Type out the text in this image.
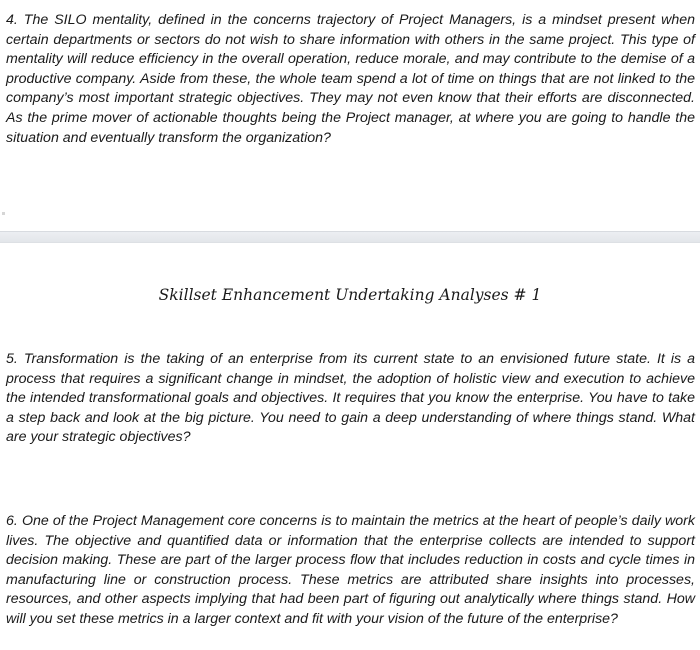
4. The SILO mentality, defined in the concerns trajectory of Project Managers, is a mindset present when certain departments or sectors do not wish to share information with others in the same project. This type of mentality will reduce efficiency in the overall operation, reduce morale, and may contribute to the demise of a productive company. Aside from these, the whole team spend a lot of time on things that are not linked to the company’s most important strategic objectives. They may not even know that their efforts are disconnected. As the prime mover of actionable thoughts being the Project manager, at where you are going to handle the situation and eventually transform the organization?

Skillset Enhancement Undertaking Analyses # 1

5. Transformation is the taking of an enterprise from its current state to an envisioned future state. It is a process that requires a significant change in mindset, the adoption of holistic view and execution to achieve the intended transformational goals and objectives. It requires that you know the enterprise. You have to take a step back and look at the big picture. You need to gain a deep understanding of where things stand. What are your strategic objectives?

6. One of the Project Management core concerns is to maintain the metrics at the heart of people’s daily work lives. The objective and quantified data or information that the enterprise collects are intended to support decision making. These are part of the larger process flow that includes reduction in costs and cycle times in manufacturing line or construction process. These metrics are attributed share insights into processes, resources, and other aspects implying that had been part of figuring out analytically where things stand. How will you set these metrics in a larger context and fit with your vision of the future of the enterprise?
